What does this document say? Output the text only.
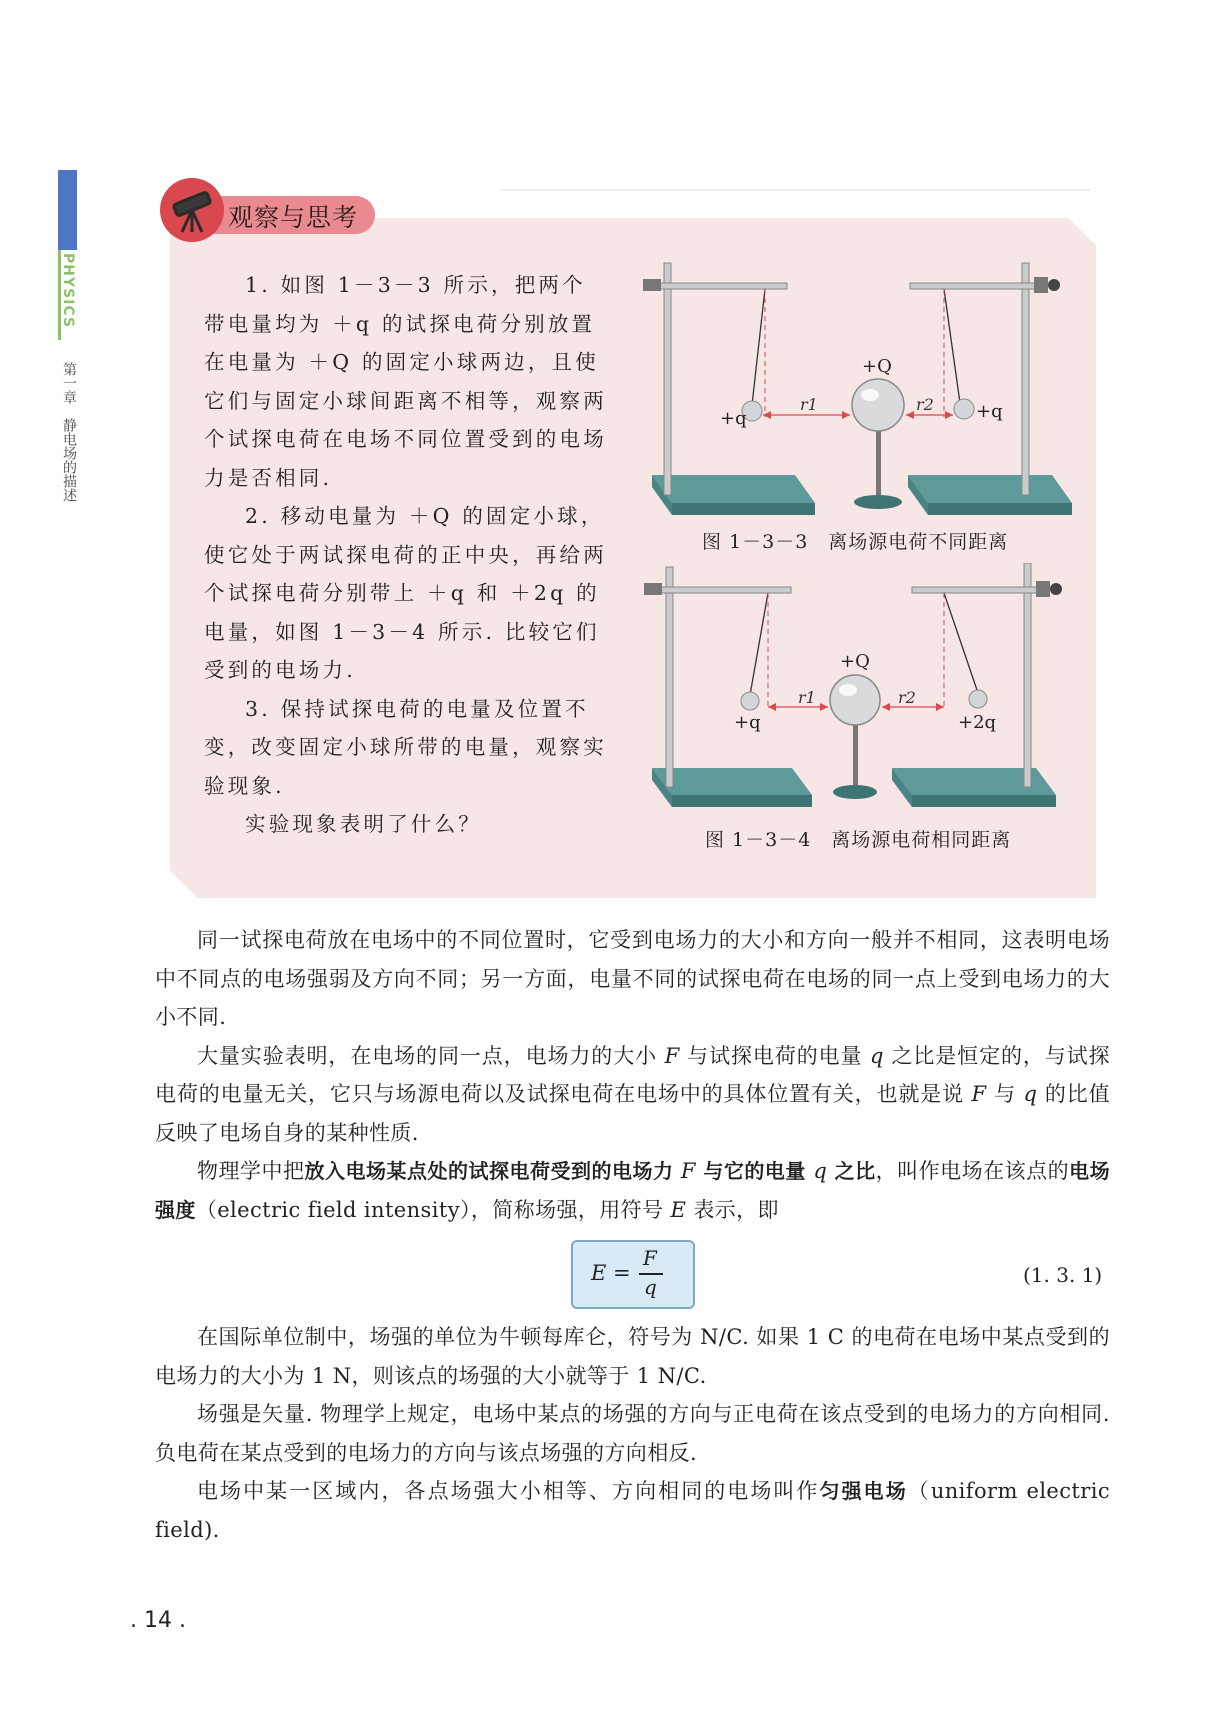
PHYSICS
第一章　静电场的描述
观察与思考

1. 如图 1－3－3 所示，把两个带电量均为 ＋q 的试探电荷分别放置在电量为 ＋Q 的固定小球两边，且使它们与固定小球间距离不相等，观察两个试探电荷在电场不同位置受到的电场力是否相同.

2. 移动电量为 ＋Q 的固定小球，使它处于两试探电荷的正中央，再给两个试探电荷分别带上 ＋q 和 ＋2q 的电量，如图 1－3－4 所示. 比较它们受到的电场力.

3. 保持试探电荷的电量及位置不变，改变固定小球所带的电量，观察实验现象.

实验现象表明了什么？

r1	r2
+Q
+q	+q
图 1－3－3　离场源电荷不同距离
r1	r2
+Q
+q	+2q
图 1－3－4　离场源电荷相同距离

同一试探电荷放在电场中的不同位置时，它受到电场力的大小和方向一般并不相同，这表明电场中不同点的电场强弱及方向不同；另一方面，电量不同的试探电荷在电场的同一点上受到电场力的大小不同.

大量实验表明，在电场的同一点，电场力的大小 F 与试探电荷的电量 q 之比是恒定的，与试探电荷的电量无关，它只与场源电荷以及试探电荷在电场中的具体位置有关，也就是说 F 与 q 的比值反映了电场自身的某种性质.

物理学中把放入电场某点处的试探电荷受到的电场力 F 与它的电量 q 之比，叫作电场在该点的电场强度（electric field intensity），简称场强，用符号 E 表示，即

E =
F
q	(1. 3. 1)

在国际单位制中，场强的单位为牛顿每库仑，符号为 N/C. 如果 1 C 的电荷在电场中某点受到的电场力的大小为 1 N，则该点的场强的大小就等于 1 N/C.

场强是矢量. 物理学上规定，电场中某点的场强的方向与正电荷在该点受到的电场力的方向相同. 负电荷在某点受到的电场力的方向与该点场强的方向相反.

电场中某一区域内，各点场强大小相等、方向相同的电场叫作匀强电场（uniform electric field).

. 14 .
